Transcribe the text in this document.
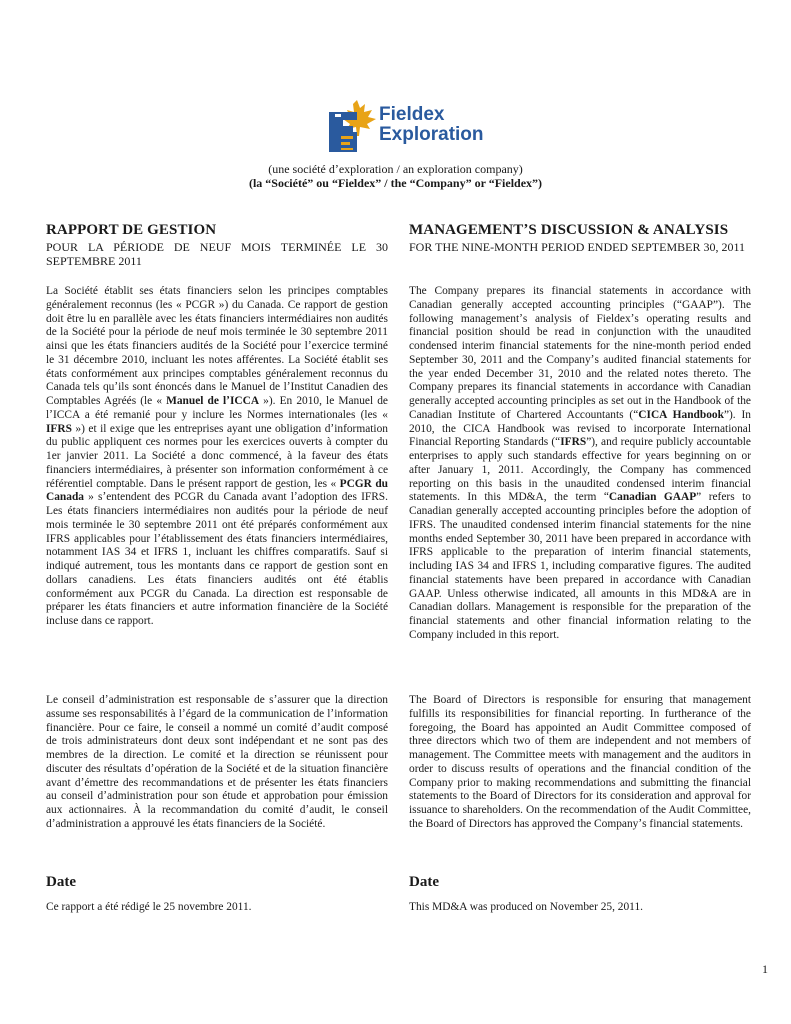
Fieldex
Exploration
(une société dʼexploration / an exploration company)
(la “Société” ou “Fieldex” / the “Company” or “Fieldex”)
RAPPORT DE GESTION

POUR LA PÉRIODE DE NEUF MOIS TERMINÉE LE 30 SEPTEMBRE 2011

La Société établit ses états financiers selon les principes comptables généralement reconnus (les « PCGR ») du Canada. Ce rapport de gestion doit être lu en parallèle avec les états financiers intermédiaires non audités de la Société pour la période de neuf mois terminée le 30 septembre 2011 ainsi que les états financiers audités de la Société pour lʼexercice terminé le 31 décembre 2010, incluant les notes afférentes. La Société établit ses états conformément aux principes comptables généralement reconnus du Canada tels quʼils sont énoncés dans le Manuel de lʼInstitut Canadien des Comptables Agréés (le « Manuel de lʼICCA »). En 2010, le Manuel de lʼICCA a été remanié pour y inclure les Normes internationales (les « IFRS ») et il exige que les entreprises ayant une obligation dʼinformation du public appliquent ces normes pour les exercices ouverts à compter du 1er janvier 2011. La Société a donc commencé, à la faveur des états financiers intermédiaires, à présenter son information conformément à ce référentiel comptable. Dans le présent rapport de gestion, les « PCGR du Canada » sʼentendent des PCGR du Canada avant lʼadoption des IFRS. Les états financiers intermédiaires non audités pour la période de neuf mois terminée le 30 septembre 2011 ont été préparés conformément aux IFRS applicables pour lʼétablissement des états financiers intermédiaires, notamment IAS 34 et IFRS 1, incluant les chiffres comparatifs. Sauf si indiqué autrement, tous les montants dans ce rapport de gestion sont en dollars canadiens. Les états financiers audités ont été établis conformément aux PCGR du Canada. La direction est responsable de préparer les états financiers et autre information financière de la Société incluse dans ce rapport.

Le conseil dʼadministration est responsable de sʼassurer que la direction assume ses responsabilités à lʼégard de la communication de lʼinformation financière. Pour ce faire, le conseil a nommé un comité dʼaudit composé de trois administrateurs dont deux sont indépendant et ne sont pas des membres de la direction. Le comité et la direction se réunissent pour discuter des résultats dʼopération de la Société et de la situation financière avant dʼémettre des recommandations et de présenter les états financiers au conseil dʼadministration pour son étude et approbation pour émission aux actionnaires. À la recommandation du comité dʼaudit, le conseil dʼadministration a approuvé les états financiers de la Société.

Date

Ce rapport a été rédigé le 25 novembre 2011.

MANAGEMENTʼS DISCUSSION & ANALYSIS

FOR THE NINE-MONTH PERIOD ENDED SEPTEMBER 30, 2011

The Company prepares its financial statements in accordance with Canadian generally accepted accounting principles (“GAAP”). The following managementʼs analysis of Fieldexʼs operating results and financial position should be read in conjunction with the unaudited condensed interim financial statements for the nine-month period ended September 30, 2011 and the Companyʼs audited financial statements for the year ended December 31, 2010 and the related notes thereto. The Company prepares its financial statements in accordance with Canadian generally accepted accounting principles as set out in the Handbook of the Canadian Institute of Chartered Accountants (“CICA Handbook”). In 2010, the CICA Handbook was revised to incorporate International Financial Reporting Standards (“IFRS”), and require publicly accountable enterprises to apply such standards effective for years beginning on or after January 1, 2011. Accordingly, the Company has commenced reporting on this basis in the unaudited condensed interim financial statements. In this MD&A, the term “Canadian GAAP” refers to Canadian generally accepted accounting principles before the adoption of IFRS. The unaudited condensed interim financial statements for the nine months ended September 30, 2011 have been prepared in accordance with IFRS applicable to the preparation of interim financial statements, including IAS 34 and IFRS 1, including comparative figures. The audited financial statements have been prepared in accordance with Canadian GAAP. Unless otherwise indicated, all amounts in this MD&A are in Canadian dollars. Management is responsible for the preparation of the financial statements and other financial information relating to the Company included in this report.

The Board of Directors is responsible for ensuring that management fulfills its responsibilities for financial reporting. In furtherance of the foregoing, the Board has appointed an Audit Committee composed of three directors which two of them are independent and not members of management. The Committee meets with management and the auditors in order to discuss results of operations and the financial condition of the Company prior to making recommendations and submitting the financial statements to the Board of Directors for its consideration and approval for issuance to shareholders. On the recommendation of the Audit Committee, the Board of Directors has approved the Companyʼs financial statements.

Date

This MD&A was produced on November 25, 2011.

1
